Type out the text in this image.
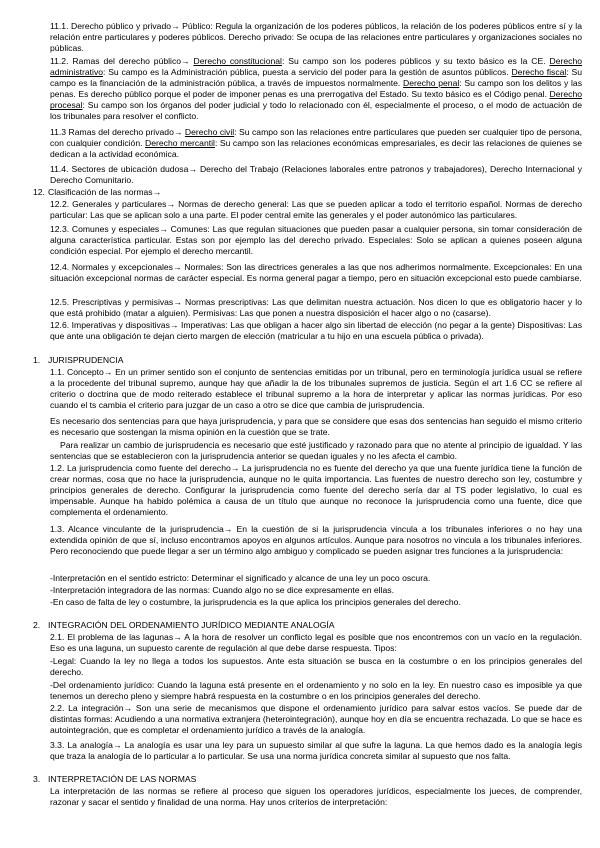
11.1. Derecho público y privado→ Público: Regula la organización de los poderes públicos, la relación de los poderes públicos entre sí y la relación entre particulares y poderes públicos. Derecho privado: Se ocupa de las relaciones entre particulares y organizaciones sociales no públicas.

11.2. Ramas del derecho público→ Derecho constitucional: Su campo son los poderes públicos y su texto básico es la CE. Derecho administrativo: Su campo es la Administración pública, puesta a servicio del poder para la gestión de asuntos públicos. Derecho fiscal: Su campo es la financiación de la administración pública, a través de impuestos normalmente. Derecho penal: Su campo son los delitos y las penas. Es derecho público porque el poder de imponer penas es una prerrogativa del Estado. Su texto básico es el Código penal. Derecho procesal: Su campo son los órganos del poder judicial y todo lo relacionado con él, especialmente el proceso, o el modo de actuación de los tribunales para resolver el conflicto.

11.3 Ramas del derecho privado→ Derecho civil: Su campo son las relaciones entre particulares que pueden ser cualquier tipo de persona, con cualquier condición. Derecho mercantil: Su campo son las relaciones económicas empresariales, es decir las relaciones de quienes se dedican a la actividad económica.

11.4. Sectores de ubicación dudosa→ Derecho del Trabajo (Relaciones laborales entre patronos y trabajadores), Derecho Internacional y Derecho Comunitario.

12. Clasificación de las normas→

12.2. Generales y particulares→ Normas de derecho general: Las que se pueden aplicar a todo el territorio español. Normas de derecho particular: Las que se aplican solo a una parte. El poder central emite las generales y el poder autonómico las particulares.

12.3. Comunes y especiales→ Comunes: Las que regulan situaciones que pueden pasar a cualquier persona, sin tomar consideración de alguna característica particular. Estas son por ejemplo las del derecho privado. Especiales: Solo se aplican a quienes poseen alguna condición especial. Por ejemplo el derecho mercantil.

12.4. Normales y excepcionales→ Normales: Son las directrices generales a las que nos adherimos normalmente. Excepcionales: En una situación excepcional normas de carácter especial. Es norma general pagar a tiempo, pero en situación excepcional esto puede cambiarse.

12.5. Prescriptivas y permisivas→ Normas prescriptivas: Las que delimitan nuestra actuación. Nos dicen lo que es obligatorio hacer y lo que está prohibido (matar a alguien). Permisivas: Las que ponen a nuestra disposición el hacer algo o no (casarse).

12.6. Imperativas y dispositivas→ Imperativas: Las que obligan a hacer algo sin libertad de elección (no pegar a la gente) Dispositivas: Las que ante una obligación te dejan cierto margen de elección (matricular a tu hijo en una escuela pública o privada).

1. JURISPRUDENCIA

1.1. Concepto→ En un primer sentido son el conjunto de sentencias emitidas por un tribunal, pero en terminología jurídica usual se refiere a la procedente del tribunal supremo, aunque hay que añadir la de los tribunales supremos de justicia. Según el art 1.6 CC se refiere al criterio o doctrina que de modo reiterado establece el tribunal supremo a la hora de interpretar y aplicar las normas jurídicas. Por eso cuando el ts cambia el criterio para juzgar de un caso a otro se dice que cambia de jurisprudencia.

Es necesario dos sentencias para que haya jurisprudencia, y para que se considere que esas dos sentencias han seguido el mismo criterio es necesario que sostengan la misma opinión en la cuestión que se trate.

Para realizar un cambio de jurisprudencia es necesario que esté justificado y razonado para que no atente al principio de igualdad. Y las sentencias que se establecieron con la jurisprudencia anterior se quedan iguales y no les afecta el cambio.

1.2. La jurisprudencia como fuente del derecho→ La jurisprudencia no es fuente del derecho ya que una fuente jurídica tiene la función de crear normas, cosa que no hace la jurisprudencia, aunque no le quita importancia. Las fuentes de nuestro derecho son ley, costumbre y principios generales de derecho. Configurar la jurisprudencia como fuente del derecho sería dar al TS poder legislativo, lo cual es impensable. Aunque ha habido polémica a causa de un título que aunque no reconoce la jurisprudencia como una fuente, dice que complementa el ordenamiento.

1.3. Alcance vinculante de la jurisprudencia→ En la cuestión de si la jurisprudencia vincula a los tribunales inferiores o no hay una extendida opinión de que sí, incluso encontramos apoyos en algunos artículos. Aunque para nosotros no vincula a los tribunales inferiores. Pero reconociendo que puede llegar a ser un término algo ambiguo y complicado se pueden asignar tres funciones a la jurisprudencia:

-Interpretación en el sentido estricto: Determinar el significado y alcance de una ley un poco oscura.

-Interpretación integradora de las normas: Cuando algo no se dice expresamente en ellas.

-En caso de falta de ley o costumbre, la jurisprudencia es la que aplica los principios generales del derecho.

2. INTEGRACIÓN DEL ORDENAMIENTO JURÍDICO MEDIANTE ANALOGÍA

2.1. El problema de las lagunas→ A la hora de resolver un conflicto legal es posible que nos encontremos con un vacío en la regulación. Eso es una laguna, un supuesto carente de regulación al que debe darse respuesta. Tipos:

-Legal: Cuando la ley no llega a todos los supuestos. Ante esta situación se busca en la costumbre o en los principios generales del derecho.

-Del ordenamiento jurídico: Cuando la laguna está presente en el ordenamiento y no solo en la ley. En nuestro caso es imposible ya que tenemos un derecho pleno y siempre habrá respuesta en la costumbre o en los principios generales del derecho.

2.2. La integración→ Son una serie de mecanismos que dispone el ordenamiento jurídico para salvar estos vacíos. Se puede dar de distintas formas: Acudiendo a una normativa extranjera (heterointegración), aunque hoy en día se encuentra rechazada. Lo que se hace es autointegración, que es completar el ordenamiento jurídico a través de la analogía.

3.3. La analogía→ La analogía es usar una ley para un supuesto similar al que sufre la laguna. La que hemos dado es la analogía legis que traza la analogía de lo particular a lo particular. Se usa una norma jurídica concreta similar al supuesto que nos falta.

3. INTERPRETACIÓN DE LAS NORMAS

La interpretación de las normas se refiere al proceso que siguen los operadores jurídicos, especialmente los jueces, de comprender, razonar y sacar el sentido y finalidad de una norma. Hay unos criterios de interpretación:
